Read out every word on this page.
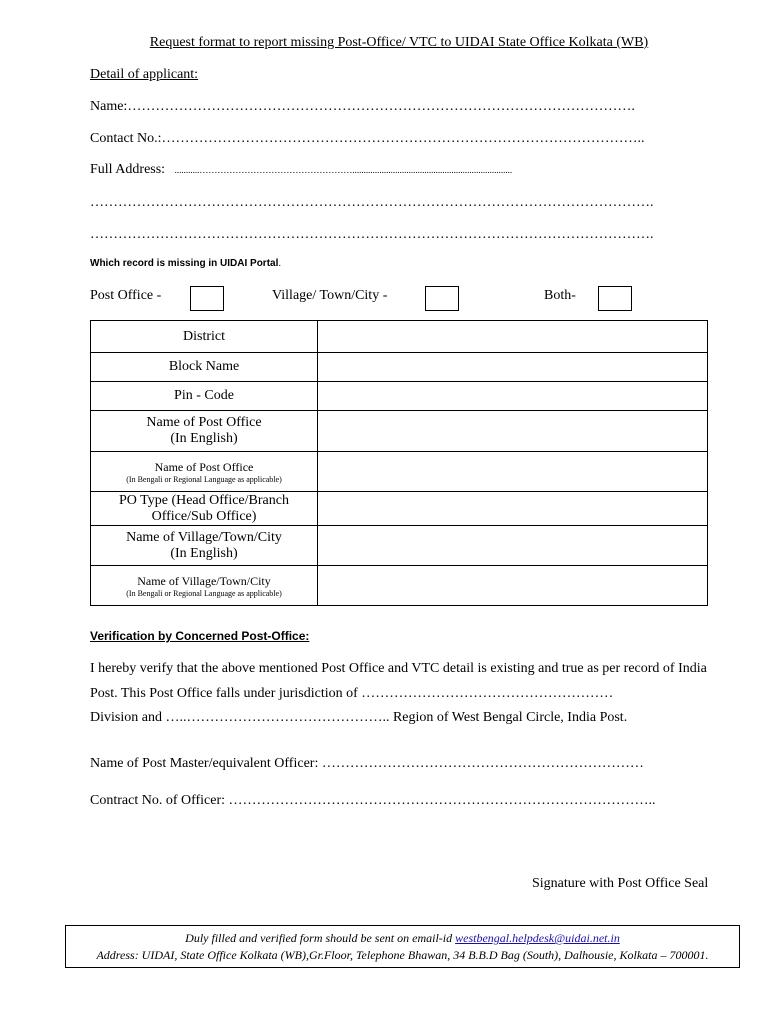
Request format to report missing Post-Office/ VTC to UIDAI State Office Kolkata (WB)
Detail of applicant:
Name:……………………………………………………………………………………………….
Contact No.:…………………………………………………………………………………………..
Full Address: ...........…………………………………………….......................................................................
………………………………………………………………………………………………………….
………………………………………………………………………………………………………….
Which record is missing in UIDAI Portal.
Post Office -	Village/ Town/City -	Both-
District	

Block Name	

Pin - Code	

Name of Post Office
(In English)	

Name of Post Office
(In Bengali or Regional Language as applicable)	

PO Type (Head Office/Branch
Office/Sub Office)	

Name of Village/Town/City
(In English)	

Name of Village/Town/City
(In Bengali or Regional Language as applicable)	

Verification by Concerned Post-Office:
I hereby verify that the above mentioned Post Office and VTC detail is existing and true as per record of India
Post. This Post Office falls under jurisdiction of ………………………………………………
Division and …..…………………………………….. Region of West Bengal Circle, India Post.
Name of Post Master/equivalent Officer: ……………………………………………………………
Contract No. of Officer: ………………………………………………………………………………..
Signature with Post Office Seal
Duly filled and verified form should be sent on email-id westbengal.helpdesk@uidai.net.in
Address: UIDAI, State Office Kolkata (WB),Gr.Floor, Telephone Bhawan, 34 B.B.D Bag (South), Dalhousie, Kolkata – 700001.
